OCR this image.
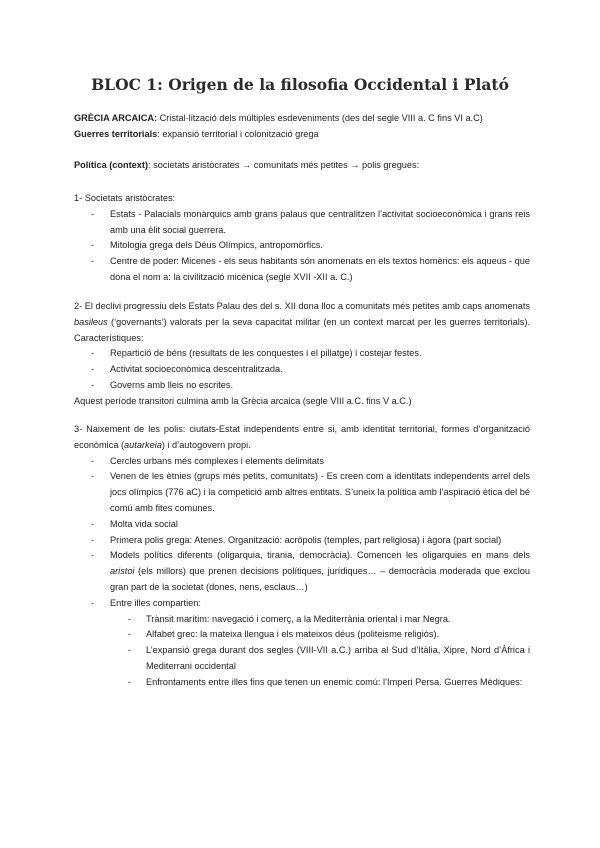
BLOC 1: Origen de la filosofia Occidental i Plató
GRÈCIA ARCAICA: Cristal·lització dels múltiples esdeveniments (des del segle VIII a. C fins VI a.C)
Guerres territorials: expansió territorial i colonització grega
Política (context): societats aristòcrates → comunitats més petites → polis gregues:
1- Societats aristòcrates:
- Estats - Palacials monàrquics amb grans palaus que centralitzen l’activitat socioeconòmica i grans reis amb una èlit social guerrera.
- Mitologia grega dels Déus Olímpics, antropomòrfics.
- Centre de poder: Micenes - els seus habitants són anomenats en els textos homèrics: els aqueus - que dona el nom a: la civilització micènica (segle XVII -XII a. C.)
2- El declivi progressiu dels Estats Palau des del s. XII dona lloc a comunitats més petites amb caps anomenats basileus (‘governants’) valorats per la seva capacitat militar (en un context marcat per les guerres territorials). Característiques:
- Repartició de béns (resultats de les conquestes i el pillatge) i costejar festes.
- Activitat socioeconòmica descentralitzada.
- Governs amb lleis no escrites.
Aquest període transitori culmina amb la Grècia arcaica (segle VIII a.C. fins V a.C.)
3- Naixement de les polis: ciutats-Estat independents entre si, amb identitat territorial, formes d’organització econòmica (autarkeia) i d’autogovern propi.
- Cercles urbans més complexes i elements delimitats
- Venen de les ètnies (grups més petits, comunitats) - Es creen com a identitats independents arrel dels jocs olímpics (776 aC) i la competició amb altres entitats. S’uneix la política amb l’aspiració ètica del bé comú amb fites comunes.
- Molta vida social
- Primera polis grega: Atenes. Organització: acròpolis (temples, part religiosa) i àgora (part social)
- Models polítics diferents (oligarquia, tirania, democràcia). Comencen les oligarquies en mans dels aristoi (els millors) que prenen decisions polítiques, jurídiques… – democràcia moderada que exclou gran part de la societat (dones, nens, esclaus…)
- Entre illes compartien:
- Trànsit marítim: navegació i comerç, a la Mediterrània oriental i mar Negra.
- Alfabet grec: la mateixa llengua i els mateixos déus (politeisme religiós).
- L’expansió grega durant dos segles (VIII-VII a.C.) arriba al Sud d’Itàlia, Xipre, Nord d’Àfrica i Mediterrani occidental
- Enfrontaments entre illes fins que tenen un enemic comú: l’Imperi Persa. Guerres Mèdiques:
